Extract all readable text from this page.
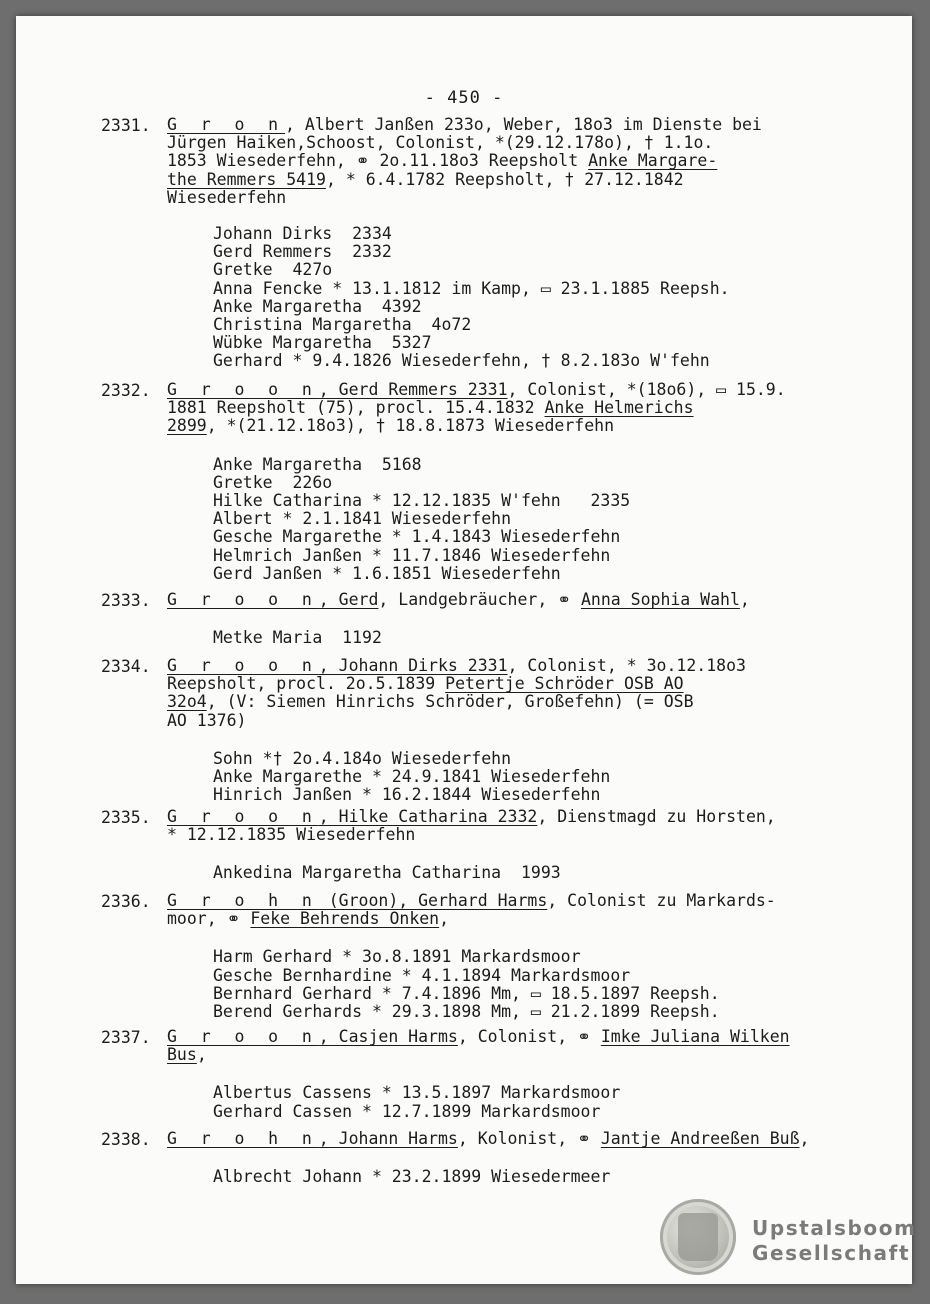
- 450 -
2331. G r o n, Albert Janßen 233o, Weber, 18o3 im Dienste bei
Jürgen Haiken,Schoost, Colonist, *(29.12.178o), † 1.1o.
1853 Wiesederfehn, ⚭ 2o.11.18o3 Reepsholt Anke Margare-
the Remmers 5419, * 6.4.1782 Reepsholt, † 27.12.1842
Wiesederfehn
Johann Dirks  2334
Gerd Remmers  2332
Gretke  427o
Anna Fencke * 13.1.1812 im Kamp, ▭ 23.1.1885 Reepsh.
Anke Margaretha  4392
Christina Margaretha  4o72
Wübke Margaretha  5327
Gerhard * 9.4.1826 Wiesederfehn, † 8.2.183o W'fehn
2332. G r o o n, Gerd Remmers 2331, Colonist, *(18o6), ▭ 15.9.
1881 Reepsholt (75), procl. 15.4.1832 Anke Helmerichs
2899, *(21.12.18o3), † 18.8.1873 Wiesederfehn
Anke Margaretha  5168
Gretke  226o
Hilke Catharina * 12.12.1835 W'fehn   2335
Albert * 2.1.1841 Wiesederfehn
Gesche Margarethe * 1.4.1843 Wiesederfehn
Helmrich Janßen * 11.7.1846 Wiesederfehn
Gerd Janßen * 1.6.1851 Wiesederfehn
2333. G r o o n, Gerd, Landgebräucher, ⚭ Anna Sophia Wahl,
Metke Maria  1192
2334. G r o o n, Johann Dirks 2331, Colonist, * 3o.12.18o3
Reepsholt, procl. 2o.5.1839 Petertje Schröder OSB AO
32o4, (V: Siemen Hinrichs Schröder, Großefehn) (= OSB
AO 1376)
Sohn *† 2o.4.184o Wiesederfehn
Anke Margarethe * 24.9.1841 Wiesederfehn
Hinrich Janßen * 16.2.1844 Wiesederfehn
2335. G r o o n, Hilke Catharina 2332, Dienstmagd zu Horsten,
* 12.12.1835 Wiesederfehn
Ankedina Margaretha Catharina  1993
2336. G r o h n (Groon), Gerhard Harms, Colonist zu Markards-
moor, ⚭ Feke Behrends Onken,
Harm Gerhard * 3o.8.1891 Markardsmoor
Gesche Bernhardine * 4.1.1894 Markardsmoor
Bernhard Gerhard * 7.4.1896 Mm, ▭ 18.5.1897 Reepsh.
Berend Gerhards * 29.3.1898 Mm, ▭ 21.2.1899 Reepsh.
2337. G r o o n, Casjen Harms, Colonist, ⚭ Imke Juliana Wilken
Bus,
Albertus Cassens * 13.5.1897 Markardsmoor
Gerhard Cassen * 12.7.1899 Markardsmoor
2338. G r o h n, Johann Harms, Kolonist, ⚭ Jantje Andreeßen Buß,
Albrecht Johann * 23.2.1899 Wiesedermeer
Upstalsboom
Gesellschaft
